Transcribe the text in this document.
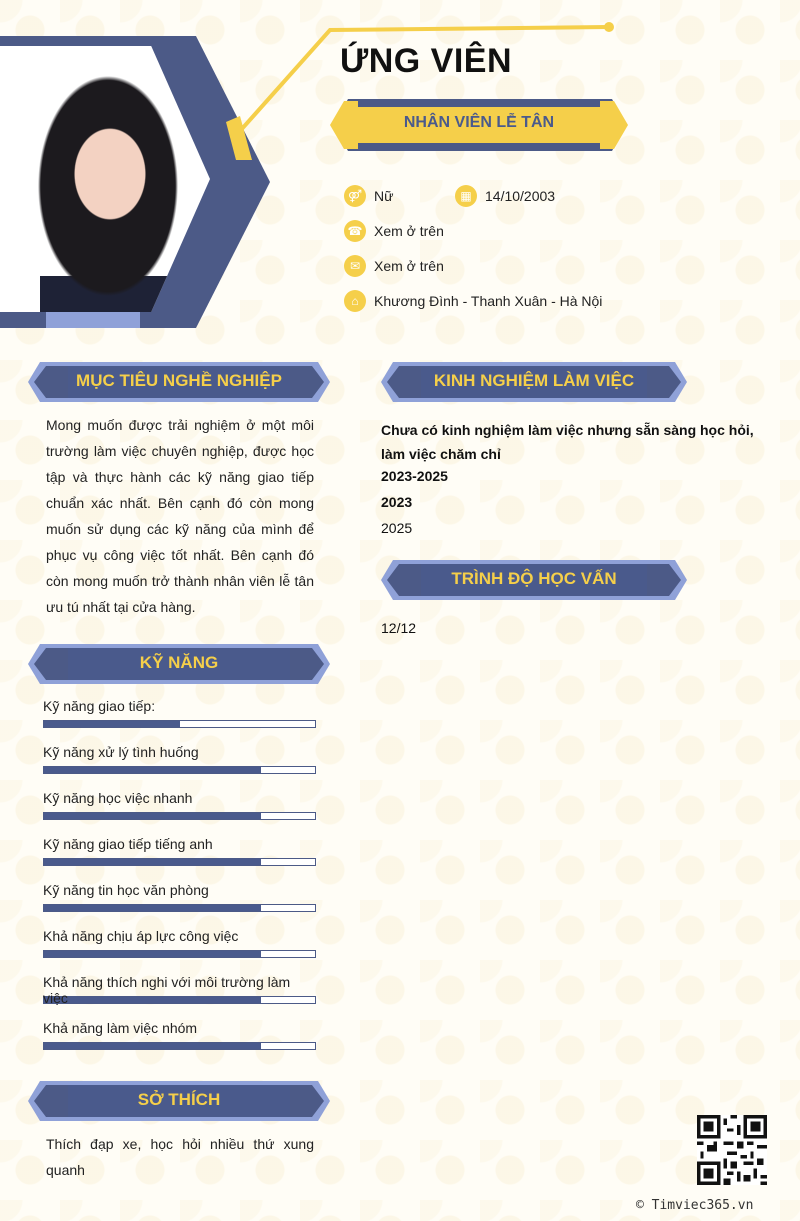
ỨNG VIÊN
NHÂN VIÊN LỄ TÂN
⚤ Nữ	▦ 14/10/2003
☎ Xem ở trên
✉ Xem ở trên
⌂	Khương Đình - Thanh Xuân - Hà Nội
MỤC TIÊU NGHỀ NGHIỆP
Mong muốn được trải nghiệm ở một môi trường làm việc chuyên nghiệp, được học tập và thực hành các kỹ năng giao tiếp chuẩn xác nhất. Bên cạnh đó còn mong muốn sử dụng các kỹ năng của mình để phục vụ công việc tốt nhất. Bên cạnh đó còn mong muốn trở thành nhân viên lễ tân ưu tú nhất tại cửa hàng.
KỸ NĂNG
Kỹ năng giao tiếp:
Kỹ năng xử lý tình huống
Kỹ năng học việc nhanh
Kỹ năng giao tiếp tiếng anh
Kỹ năng tin học văn phòng
Khả năng chịu áp lực công việc
Khả năng thích nghi với môi trường làm việc
Khả năng làm việc nhóm
SỞ THÍCH
Thích đạp xe, học hỏi nhiều thứ xung quanh
KINH NGHIỆM LÀM VIỆC
Chưa có kinh nghiệm làm việc nhưng sẵn sàng học hỏi, làm việc chăm chỉ
2023-2025
2023
2025
TRÌNH ĐỘ HỌC VẤN
12/12
© Timviec365.vn
